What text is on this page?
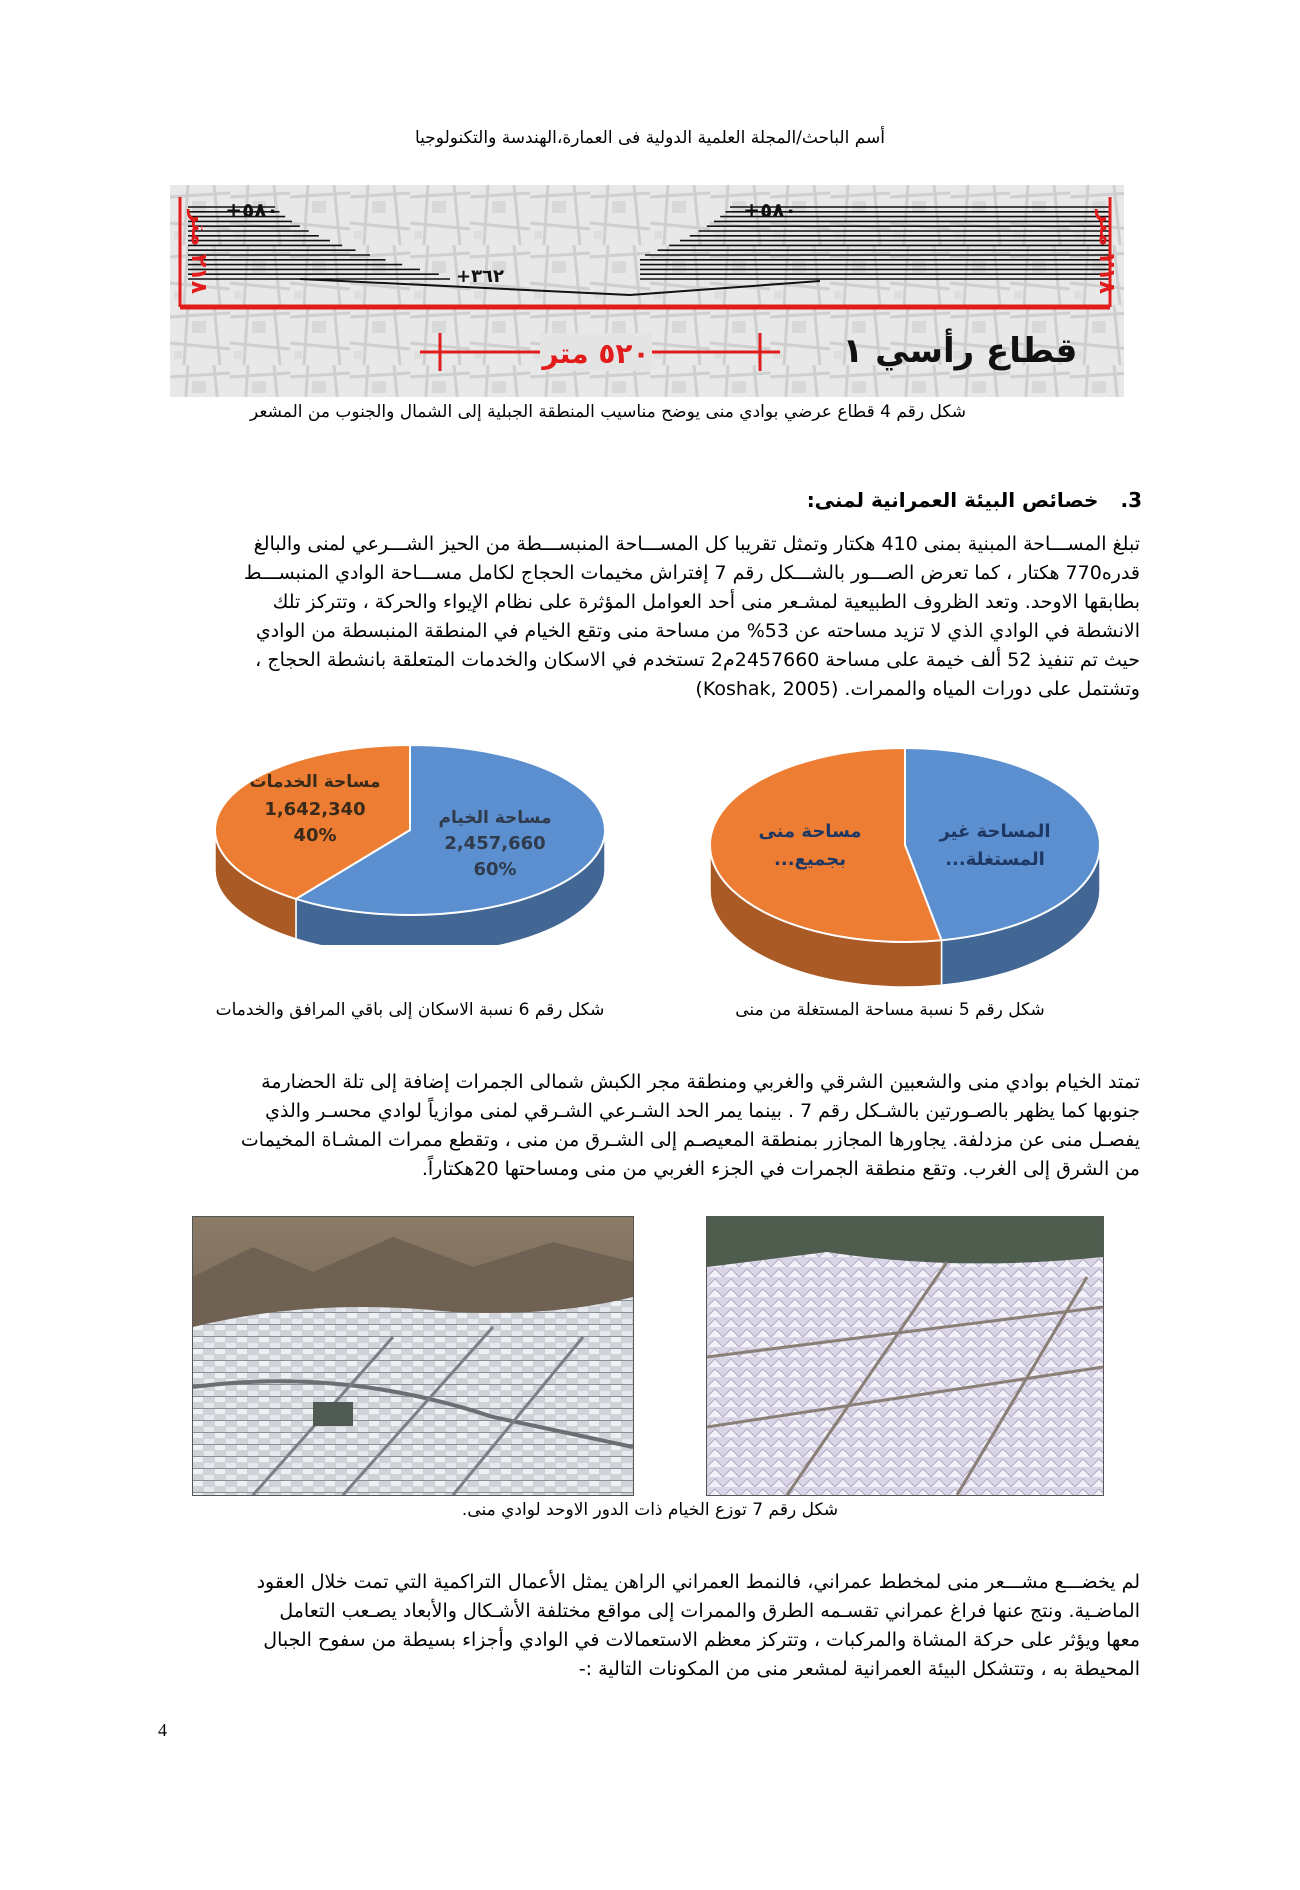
أسم الباحث/المجلة العلمية الدولية فى العمارة،الهندسة والتكنولوجيا
٥٢٠ متر
٢١٨ متر
٢١٨ متر
+٥٨٠	+٥٨٠
+٣٦٢
قطاع رأسي ١
شكل رقم 4 قطاع عرضي بوادي منى يوضح مناسيب المنطقة الجبلية إلى الشمال والجنوب من المشعر
3.خصائص البيئة العمرانية لمنى:
تبلغ المســـاحة المبنية بمنى 410 هكتار وتمثل تقريبا كل المســـاحة المنبســـطة من الحيز الشـــرعي لمنى والبالغ
قدره770 هكتار ، كما تعرض الصـــور بالشـــكل رقم 7 إفتراش مخيمات الحجاج لكامل مســـاحة الوادي المنبســـط
بطابقها الاوحد. وتعد الظروف الطبيعية لمشـعر منى أحد العوامل المؤثرة على نظام الإيواء والحركة ، وتتركز تلك
الانشطة في الوادي الذي لا تزيد مساحته عن 53% من مساحة منى وتقع الخيام في المنطقة المنبسطة من الوادي
حيث تم تنفيذ 52 ألف خيمة على مساحة 2457660م2 تستخدم في الاسكان والخدمات المتعلقة بانشطة الحجاج ،
وتشتمل على دورات المياه والممرات. (Koshak, 2005)
المساحة غير
المستغلة...
مساحة منى
بجميع...
مساحة الخيام
2,457,660
60%
مساحة الخدمات
1,642,340
40%
شكل رقم 5 نسبة مساحة المستغلة من منى
شكل رقم 6 نسبة الاسكان إلى باقي المرافق والخدمات
تمتد الخيام بوادي منى والشعبين الشرقي والغربي ومنطقة مجر الكبش شمالى الجمرات إضافة إلى تلة الحضارمة
جنوبها كما يظهر بالصـورتين بالشـكل رقم 7 . بينما يمر الحد الشـرعي الشـرقي لمنى موازياً لوادي محسـر والذي
يفصـل منى عن مزدلفة. يجاورها المجازر بمنطقة المعيصـم إلى الشـرق من منى ، وتقطع ممرات المشـاة المخيمات
من الشرق إلى الغرب. وتقع منطقة الجمرات في الجزء الغربي من منى ومساحتها 20هكتاراً.
شكل رقم 7 توزع الخيام ذات الدور الاوحد لوادي منى.
لم يخضـــع مشـــعر منى لمخطط عمراني، فالنمط العمراني الراهن يمثل الأعمال التراكمية التي تمت خلال العقود
الماضـية. ونتج عنها فراغ عمراني تقسـمه الطرق والممرات إلى مواقع مختلفة الأشـكال والأبعاد يصـعب التعامل
معها ويؤثر على حركة المشاة والمركبات ، وتتركز معظم الاستعمالات في الوادي وأجزاء بسيطة من سفوح الجبال
المحيطة به ، وتتشكل البيئة العمرانية لمشعر منى من المكونات التالية :-
4
